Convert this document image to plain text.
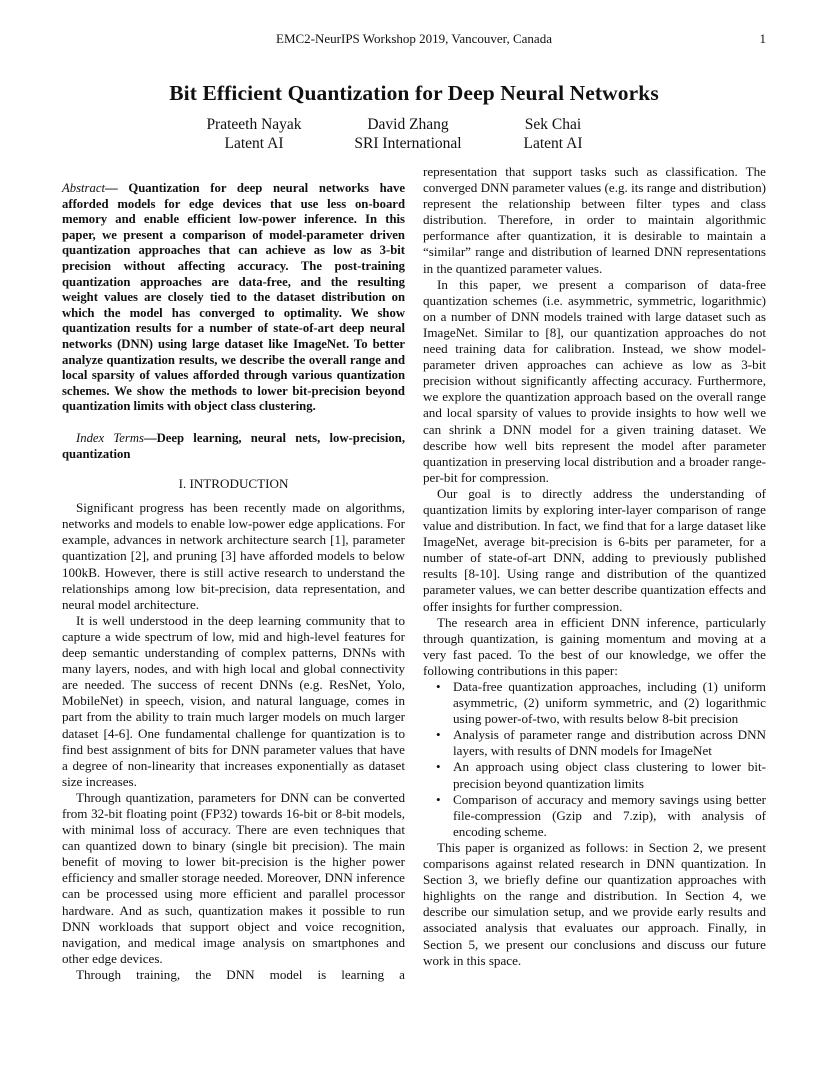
EMC2-NeurIPS Workshop 2019, Vancouver, Canada	1
Bit Efficient Quantization for Deep Neural Networks
Prateeth Nayak
Latent AI
David Zhang
SRI International
Sek Chai
Latent AI

Abstract— Quantization for deep neural networks have afforded models for edge devices that use less on-board memory and enable efficient low-power inference. In this paper, we present a comparison of model-parameter driven quantization approaches that can achieve as low as 3-bit precision without affecting accuracy. The post-training quantization approaches are data-free, and the resulting weight values are closely tied to the dataset distribution on which the model has converged to optimality. We show quantization results for a number of state-of-art deep neural networks (DNN) using large dataset like ImageNet. To better analyze quantization results, we describe the overall range and local sparsity of values afforded through various quantization schemes. We show the methods to lower bit-precision beyond quantization limits with object class clustering.

Index Terms—Deep learning, neural nets, low-precision, quantization

I. INTRODUCTION

Significant progress has been recently made on algorithms, networks and models to enable low-power edge applications. For example, advances in network architecture search [1], parameter quantization [2], and pruning [3] have afforded models to below 100kB. However, there is still active research to understand the relationships among low bit-precision, data representation, and neural model architecture.

It is well understood in the deep learning community that to capture a wide spectrum of low, mid and high-level features for deep semantic understanding of complex patterns, DNNs with many layers, nodes, and with high local and global connectivity are needed. The success of recent DNNs (e.g. ResNet, Yolo, MobileNet) in speech, vision, and natural language, comes in part from the ability to train much larger models on much larger dataset [4-6]. One fundamental challenge for quantization is to find best assignment of bits for DNN parameter values that have a degree of non-linearity that increases exponentially as dataset size increases.

Through quantization, parameters for DNN can be converted from 32-bit floating point (FP32) towards 16-bit or 8-bit models, with minimal loss of accuracy. There are even techniques that can quantized down to binary (single bit precision). The main benefit of moving to lower bit-precision is the higher power efficiency and smaller storage needed. Moreover, DNN inference can be processed using more efficient and parallel processor hardware. And as such, quantization makes it possible to run DNN workloads that support object and voice recognition, navigation, and medical image analysis on smartphones and other edge devices.

Through training, the DNN model is learning a

representation that support tasks such as classification. The converged DNN parameter values (e.g. its range and distribution) represent the relationship between filter types and class distribution. Therefore, in order to maintain algorithmic performance after quantization, it is desirable to maintain a “similar” range and distribution of learned DNN representations in the quantized parameter values.

In this paper, we present a comparison of data-free quantization schemes (i.e. asymmetric, symmetric, logarithmic) on a number of DNN models trained with large dataset such as ImageNet. Similar to [8], our quantization approaches do not need training data for calibration. Instead, we show model-parameter driven approaches can achieve as low as 3-bit precision without significantly affecting accuracy. Furthermore, we explore the quantization approach based on the overall range and local sparsity of values to provide insights to how well we can shrink a DNN model for a given training dataset. We describe how well bits represent the model after parameter quantization in preserving local distribution and a broader range-per-bit for compression.

Our goal is to directly address the understanding of quantization limits by exploring inter-layer comparison of range value and distribution. In fact, we find that for a large dataset like ImageNet, average bit-precision is 6-bits per parameter, for a number of state-of-art DNN, adding to previously published results [8-10]. Using range and distribution of the quantized parameter values, we can better describe quantization effects and offer insights for further compression.

The research area in efficient DNN inference, particularly through quantization, is gaining momentum and moving at a very fast paced. To the best of our knowledge, we offer the following contributions in this paper:

• Data-free quantization approaches, including (1) uniform asymmetric, (2) uniform symmetric, and (2) logarithmic using power-of-two, with results below 8-bit precision
• Analysis of parameter range and distribution across DNN layers, with results of DNN models for ImageNet
• An approach using object class clustering to lower bit-precision beyond quantization limits
• Comparison of accuracy and memory savings using better file-compression (Gzip and 7.zip), with analysis of encoding scheme.

This paper is organized as follows: in Section 2, we present comparisons against related research in DNN quantization. In Section 3, we briefly define our quantization approaches with highlights on the range and distribution. In Section 4, we describe our simulation setup, and we provide early results and associated analysis that evaluates our approach. Finally, in Section 5, we present our conclusions and discuss our future work in this space.
